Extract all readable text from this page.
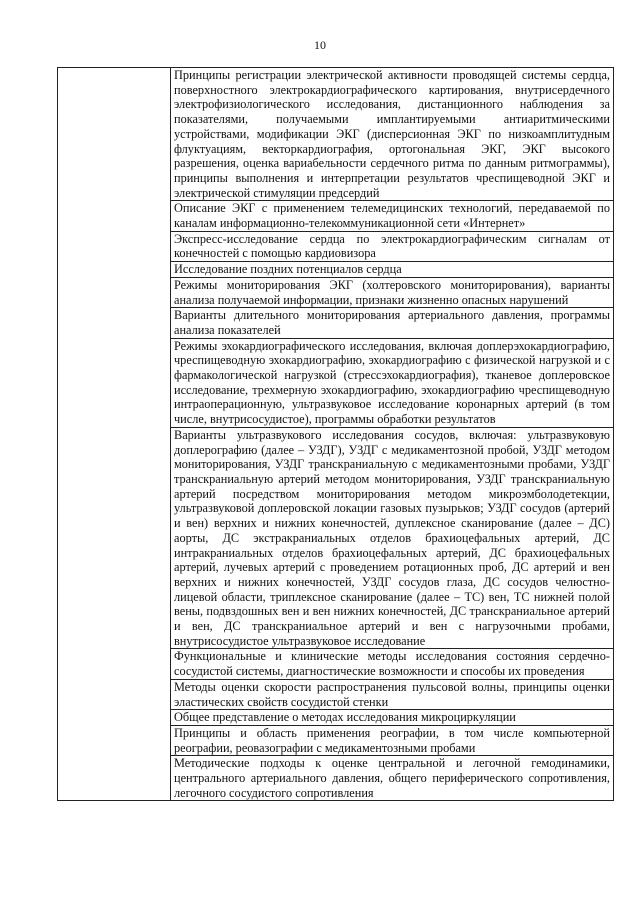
10
	Принципы регистрации электрической активности проводящей системы сердца, поверхностного электрокардиографического картирования, внутрисердечного электрофизиологического исследования, дистанционного наблюдения за показателями, получаемыми имплантируемыми антиаритмическими устройствами, модификации ЭКГ (дисперсионная ЭКГ по низкоамплитудным флуктуациям, векторкардиография, ортогональная ЭКГ, ЭКГ высокого разрешения, оценка вариабельности сердечного ритма по данным ритмограммы), принципы выполнения и интерпретации результатов чреспищеводной ЭКГ и электрической стимуляции предсердий
Описание ЭКГ с применением телемедицинских технологий, передаваемой по каналам информационно-телекоммуникационной сети «Интернет»
Экспресс-исследование сердца по электрокардиографическим сигналам от конечностей с помощью кардиовизора
Исследование поздних потенциалов сердца
Режимы мониторирования ЭКГ (холтеровского мониторирования), варианты анализа получаемой информации, признаки жизненно опасных нарушений
Варианты длительного мониторирования артериального давления, программы анализа показателей
Режимы эхокардиографического исследования, включая доплерэхокардиографию, чреспищеводную эхокардиографию, эхокардиографию с физической нагрузкой и с фармакологической нагрузкой (стрессэхокардиография), тканевое доплеровское исследование, трехмерную эхокардиографию, эхокардиографию чреспищеводную интраоперационную, ультразвуковое исследование коронарных артерий (в том числе, внутрисосудистое), программы обработки результатов
Варианты ультразвукового исследования сосудов, включая: ультразвуковую доплерографию (далее – УЗДГ), УЗДГ с медикаментозной пробой, УЗДГ методом мониторирования, УЗДГ транскраниальную с медикаментозными пробами, УЗДГ транскраниальную артерий методом мониторирования, УЗДГ транскраниальную артерий посредством мониторирования методом микроэмболодетекции, ультразвуковой доплеровской локации газовых пузырьков; УЗДГ сосудов (артерий и вен) верхних и нижних конечностей, дуплексное сканирование (далее – ДС) аорты, ДС экстракраниальных отделов брахиоцефальных артерий, ДС интракраниальных отделов брахиоцефальных артерий, ДС брахиоцефальных артерий, лучевых артерий с проведением ротационных проб, ДС артерий и вен верхних и нижних конечностей, УЗДГ сосудов глаза, ДС сосудов челюстно-лицевой области, триплексное сканирование (далее – ТС) вен, ТС нижней полой вены, подвздошных вен и вен нижних конечностей, ДС транскраниальное артерий и вен, ДС транскраниальное артерий и вен с нагрузочными пробами, внутрисосудистое ультразвуковое исследование
Функциональные и клинические методы исследования состояния сердечно-сосудистой системы, диагностические возможности и способы их проведения
Методы оценки скорости распространения пульсовой волны, принципы оценки эластических свойств сосудистой стенки
Общее представление о методах исследования микроциркуляции
Принципы и область применения реографии, в том числе компьютерной реографии, реовазографии с медикаментозными пробами
Методические подходы к оценке центральной и легочной гемодинамики, центрального артериального давления, общего периферического сопротивления, легочного сосудистого сопротивления
